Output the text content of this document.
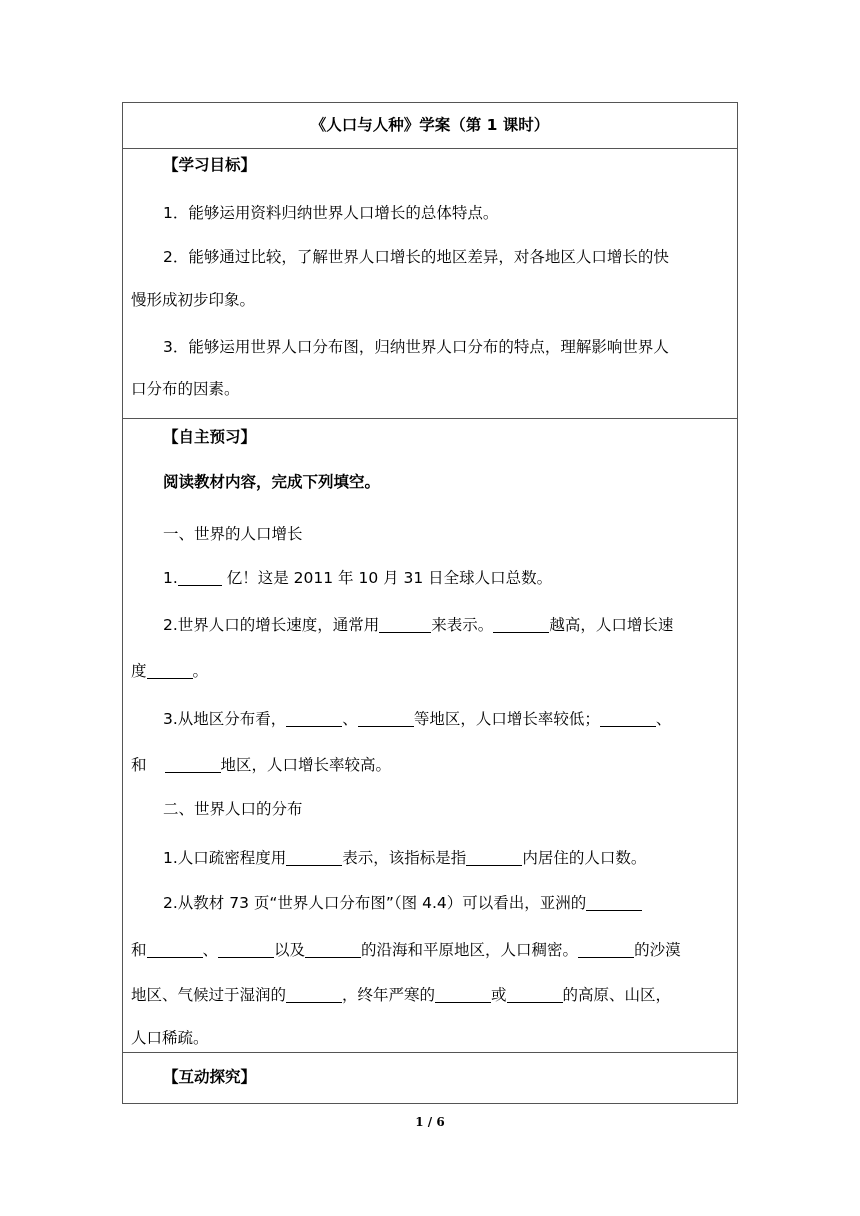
《人口与人种》学案（第 1 课时）
【学习目标】
1．能够运用资料归纳世界人口增长的总体特点。
2．能够通过比较，了解世界人口增长的地区差异，对各地区人口增长的快
慢形成初步印象。
3．能够运用世界人口分布图，归纳世界人口分布的特点，理解影响世界人
口分布的因素。
【自主预习】
阅读教材内容，完成下列填空。
一、世界的人口增长
1.	亿！这是 2011 年 10 月 31 日全球人口总数。
2.世界人口的增长速度，通常用	来表示。	越高，人口增长速
度	。
3.从地区分布看，	、	等地区，人口增长率较低；	、
和	地区，人口增长率较高。
二、世界人口的分布
1.人口疏密程度用	表示，该指标是指	内居住的人口数。
2.从教材 73 页“世界人口分布图”（图 4.4）可以看出，亚洲的
和	、	以及	的沿海和平原地区，人口稠密。	的沙漠
地区、气候过于湿润的	，终年严寒的	或	的高原、山区，
人口稀疏。
【互动探究】
1 / 6
